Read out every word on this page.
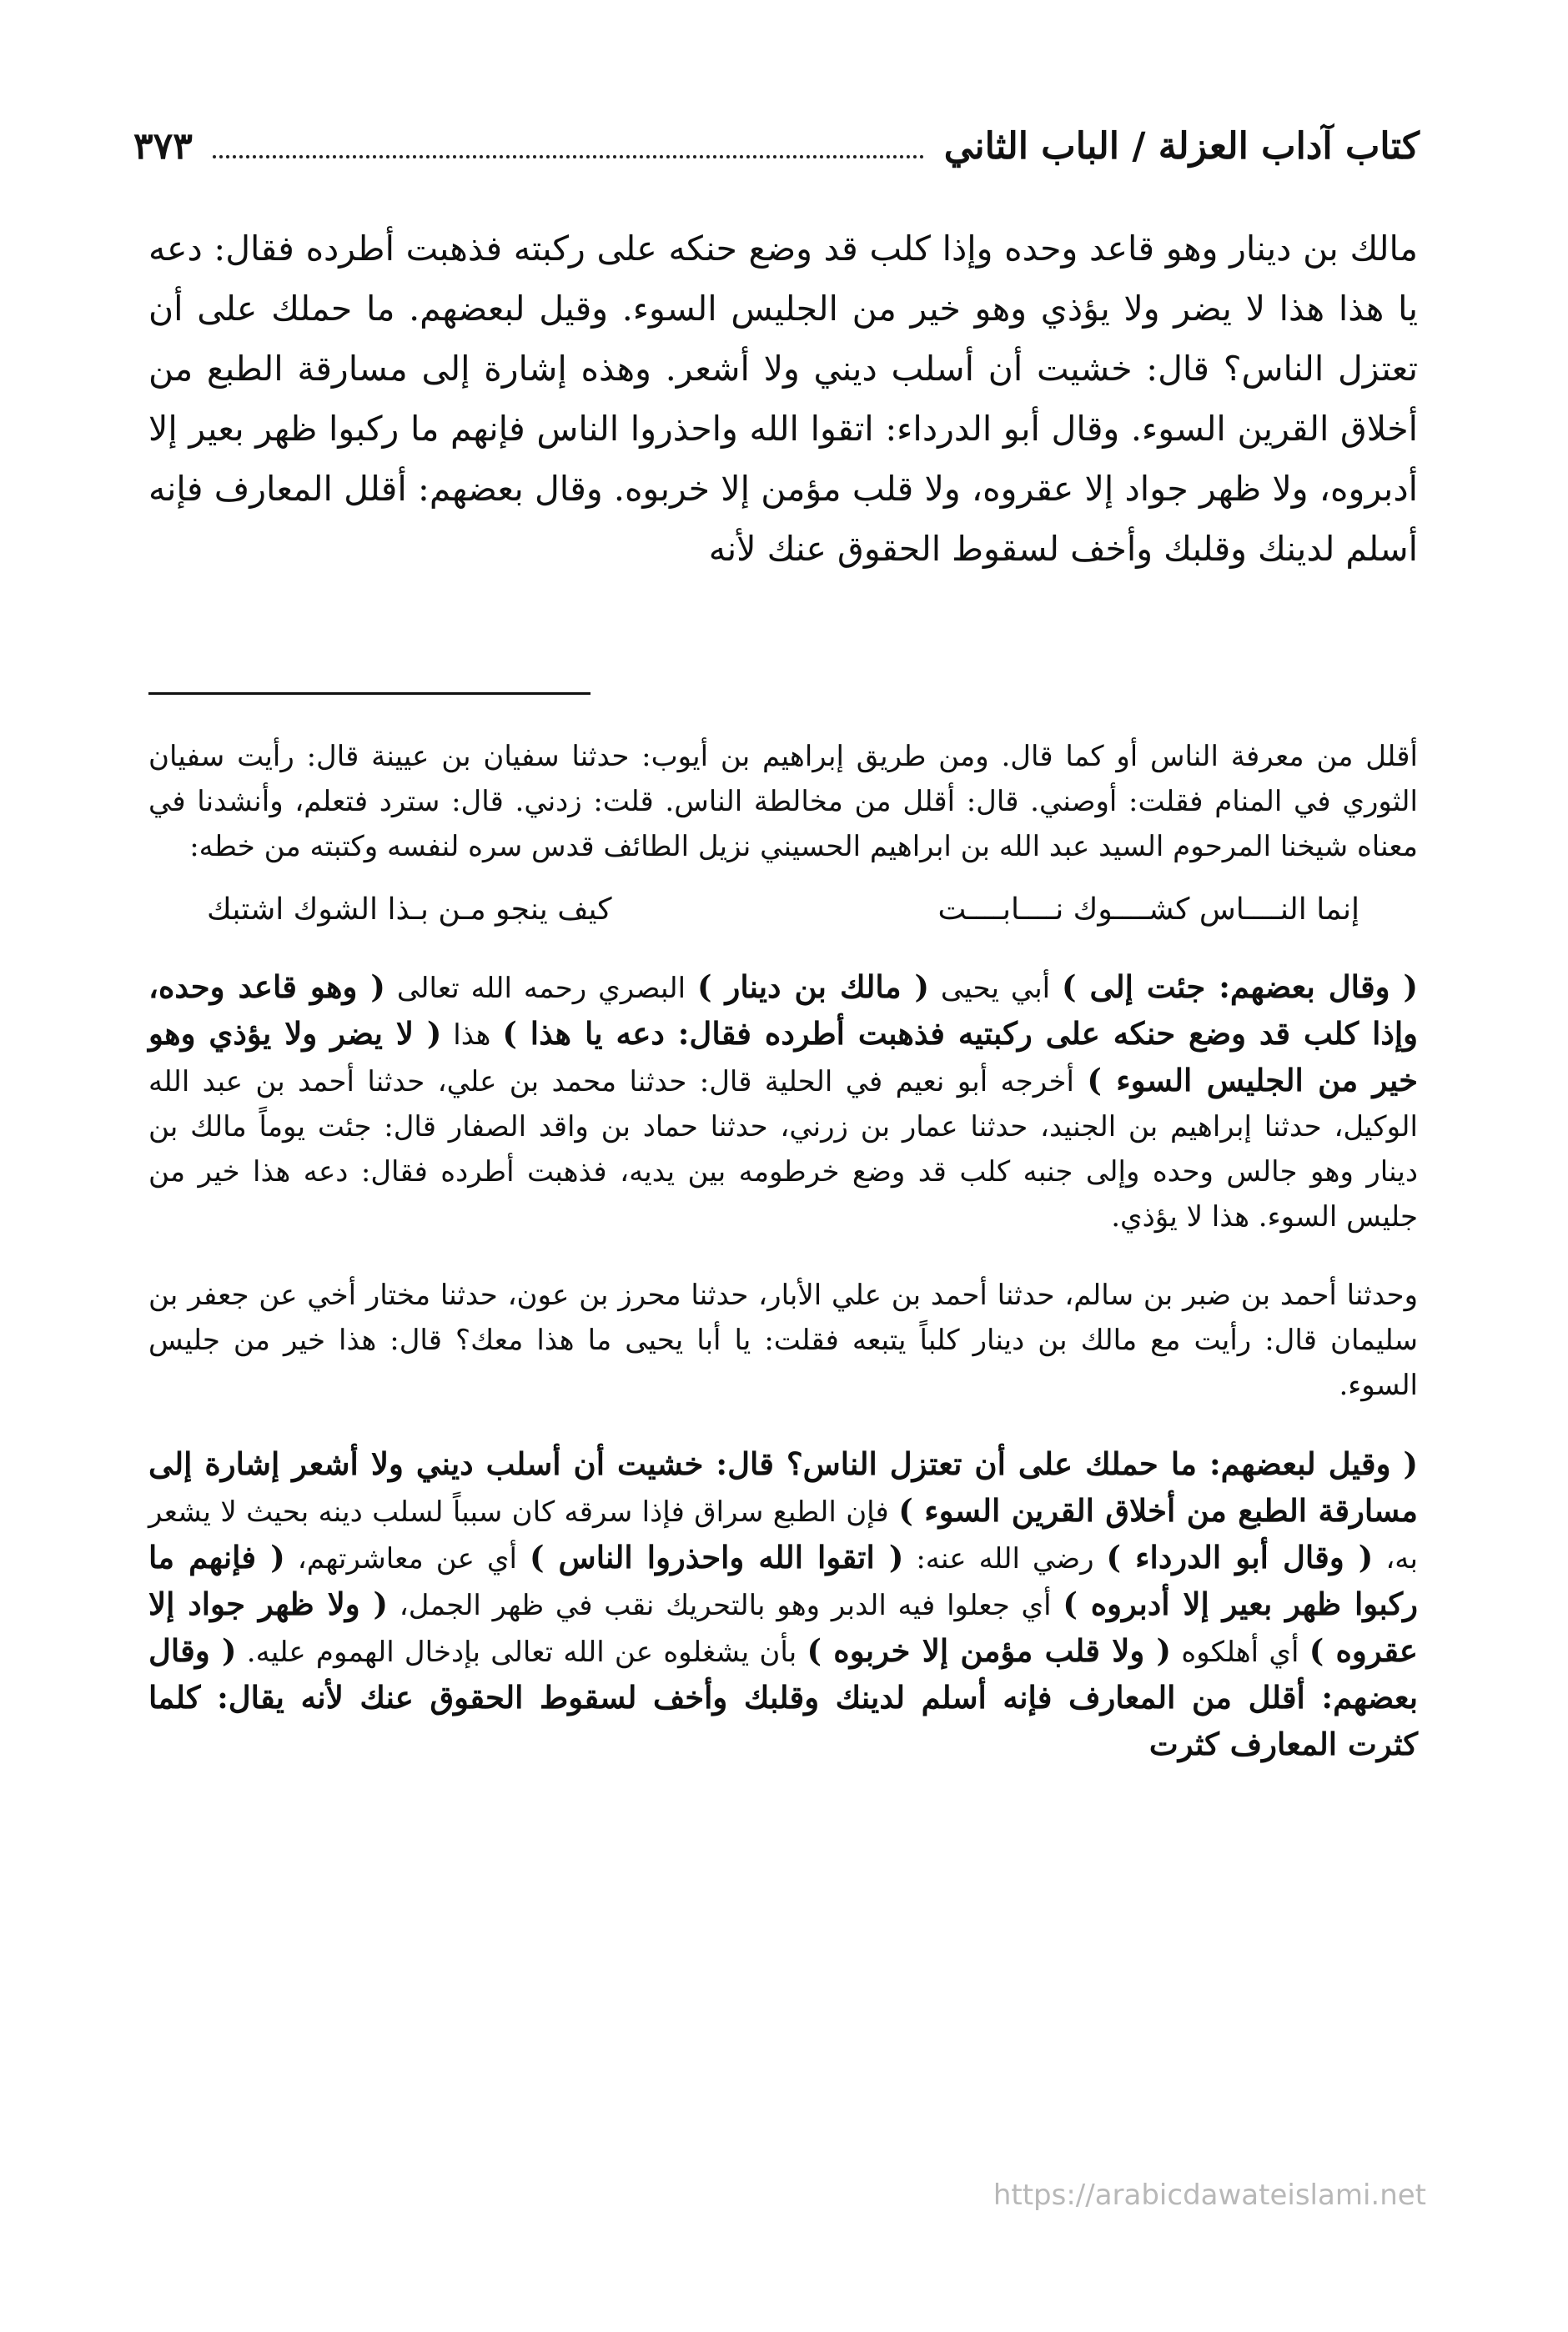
كتاب آداب العزلة / الباب الثاني
٣٧٣

مالك بن دينار وهو قاعد وحده وإذا كلب قد وضع حنكه على ركبته فذهبت أطرده فقال: دعه يا هذا هذا لا يضر ولا يؤذي وهو خير من الجليس السوء. وقيل لبعضهم. ما حملك على أن تعتزل الناس؟ قال: خشيت أن أسلب ديني ولا أشعر. وهذه إشارة إلى مسارقة الطبع من أخلاق القرين السوء. وقال أبو الدرداء: اتقوا الله واحذروا الناس فإنهم ما ركبوا ظهر بعير إلا أدبروه، ولا ظهر جواد إلا عقروه، ولا قلب مؤمن إلا خربوه. وقال بعضهم: أقلل المعارف فإنه أسلم لدينك وقلبك وأخف لسقوط الحقوق عنك لأنه

أقلل من معرفة الناس أو كما قال. ومن طريق إبراهيم بن أيوب: حدثنا سفيان بن عيينة قال: رأيت سفيان الثوري في المنام فقلت: أوصني. قال: أقلل من مخالطة الناس. قلت: زدني. قال: سترد فتعلم، وأنشدنا في معناه شيخنا المرحوم السيد عبد الله بن ابراهيم الحسيني نزيل الطائف قدس سره لنفسه وكتبته من خطه:

إنما النــــاس كشــــوك نــــابــــت
كيف ينجو مـن بـذا الشوك اشتبك

( وقال بعضهم: جئت إلى ) أبي يحيى ( مالك بن دينار ) البصري رحمه الله تعالى ( وهو قاعد وحده، وإذا كلب قد وضع حنكه على ركبتيه فذهبت أطرده فقال: دعه يا هذا ) هذا ( لا يضر ولا يؤذي وهو خير من الجليس السوء ) أخرجه أبو نعيم في الحلية قال: حدثنا محمد بن علي، حدثنا أحمد بن عبد الله الوكيل، حدثنا إبراهيم بن الجنيد، حدثنا عمار بن زرني، حدثنا حماد بن واقد الصفار قال: جئت يوماً مالك بن دينار وهو جالس وحده وإلى جنبه كلب قد وضع خرطومه بين يديه، فذهبت أطرده فقال: دعه هذا خير من جليس السوء. هذا لا يؤذي.

وحدثنا أحمد بن ضبر بن سالم، حدثنا أحمد بن علي الأبار، حدثنا محرز بن عون، حدثنا مختار أخي عن جعفر بن سليمان قال: رأيت مع مالك بن دينار كلباً يتبعه فقلت: يا أبا يحيى ما هذا معك؟ قال: هذا خير من جليس السوء.

( وقيل لبعضهم: ما حملك على أن تعتزل الناس؟ قال: خشيت أن أسلب ديني ولا أشعر إشارة إلى مسارقة الطبع من أخلاق القرين السوء ) فإن الطبع سراق فإذا سرقه كان سبباً لسلب دينه بحيث لا يشعر به، ( وقال أبو الدرداء ) رضي الله عنه: ( اتقوا الله واحذروا الناس ) أي عن معاشرتهم، ( فإنهم ما ركبوا ظهر بعير إلا أدبروه ) أي جعلوا فيه الدبر وهو بالتحريك نقب في ظهر الجمل، ( ولا ظهر جواد إلا عقروه ) أي أهلكوه ( ولا قلب مؤمن إلا خربوه ) بأن يشغلوه عن الله تعالى بإدخال الهموم عليه. ( وقال بعضهم: أقلل من المعارف فإنه أسلم لدينك وقلبك وأخف لسقوط الحقوق عنك لأنه يقال: كلما كثرت المعارف كثرت

https://arabicdawateislami.net
